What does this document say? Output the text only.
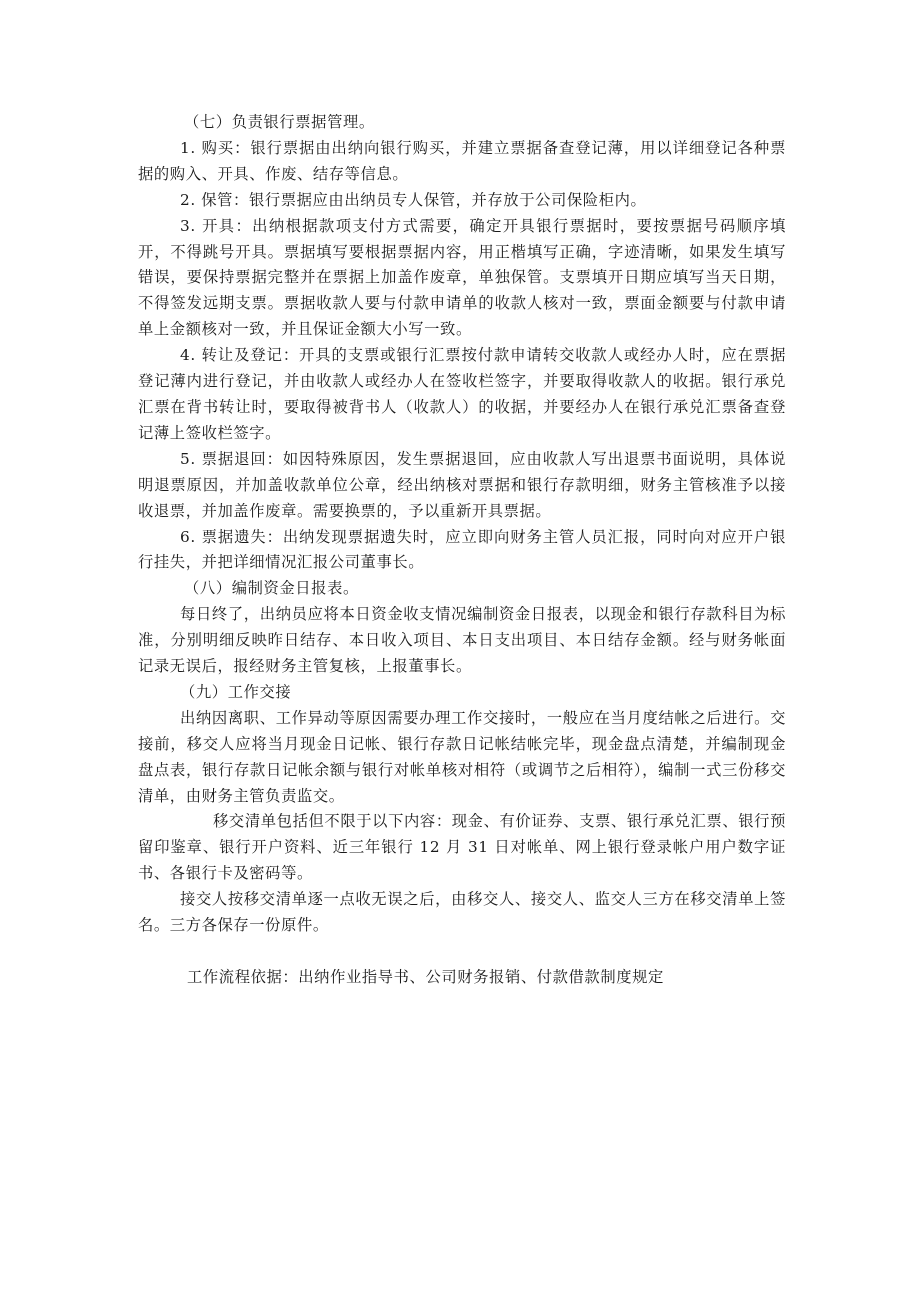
（七）负责银行票据管理。

1. 购买：银行票据由出纳向银行购买，并建立票据备查登记薄，用以详细登记各种票据的购入、开具、作废、结存等信息。

2. 保管：银行票据应由出纳员专人保管，并存放于公司保险柜内。

3. 开具：出纳根据款项支付方式需要，确定开具银行票据时，要按票据号码顺序填开，不得跳号开具。票据填写要根据票据内容，用正楷填写正确，字迹清晰，如果发生填写错误，要保持票据完整并在票据上加盖作废章，单独保管。支票填开日期应填写当天日期，不得签发远期支票。票据收款人要与付款申请单的收款人核对一致，票面金额要与付款申请单上金额核对一致，并且保证金额大小写一致。

4. 转让及登记：开具的支票或银行汇票按付款申请转交收款人或经办人时，应在票据登记薄内进行登记，并由收款人或经办人在签收栏签字，并要取得收款人的收据。银行承兑汇票在背书转让时，要取得被背书人（收款人）的收据，并要经办人在银行承兑汇票备查登记薄上签收栏签字。

5. 票据退回：如因特殊原因，发生票据退回，应由收款人写出退票书面说明，具体说明退票原因，并加盖收款单位公章，经出纳核对票据和银行存款明细，财务主管核准予以接收退票，并加盖作废章。需要换票的，予以重新开具票据。

6. 票据遗失：出纳发现票据遗失时，应立即向财务主管人员汇报，同时向对应开户银行挂失，并把详细情况汇报公司董事长。

（八）编制资金日报表。

每日终了，出纳员应将本日资金收支情况编制资金日报表，以现金和银行存款科目为标准，分别明细反映昨日结存、本日收入项目、本日支出项目、本日结存金额。经与财务帐面记录无误后，报经财务主管复核，上报董事长。

（九）工作交接

出纳因离职、工作异动等原因需要办理工作交接时，一般应在当月度结帐之后进行。交接前，移交人应将当月现金日记帐、银行存款日记帐结帐完毕，现金盘点清楚，并编制现金盘点表，银行存款日记帐余额与银行对帐单核对相符（或调节之后相符），编制一式三份移交清单，由财务主管负责监交。

移交清单包括但不限于以下内容：现金、有价证券、支票、银行承兑汇票、银行预留印鉴章、银行开户资料、近三年银行 12 月 31 日对帐单、网上银行登录帐户用户数字证书、各银行卡及密码等。

接交人按移交清单逐一点收无误之后，由移交人、接交人、监交人三方在移交清单上签名。三方各保存一份原件。

工作流程依据：出纳作业指导书、公司财务报销、付款借款制度规定
